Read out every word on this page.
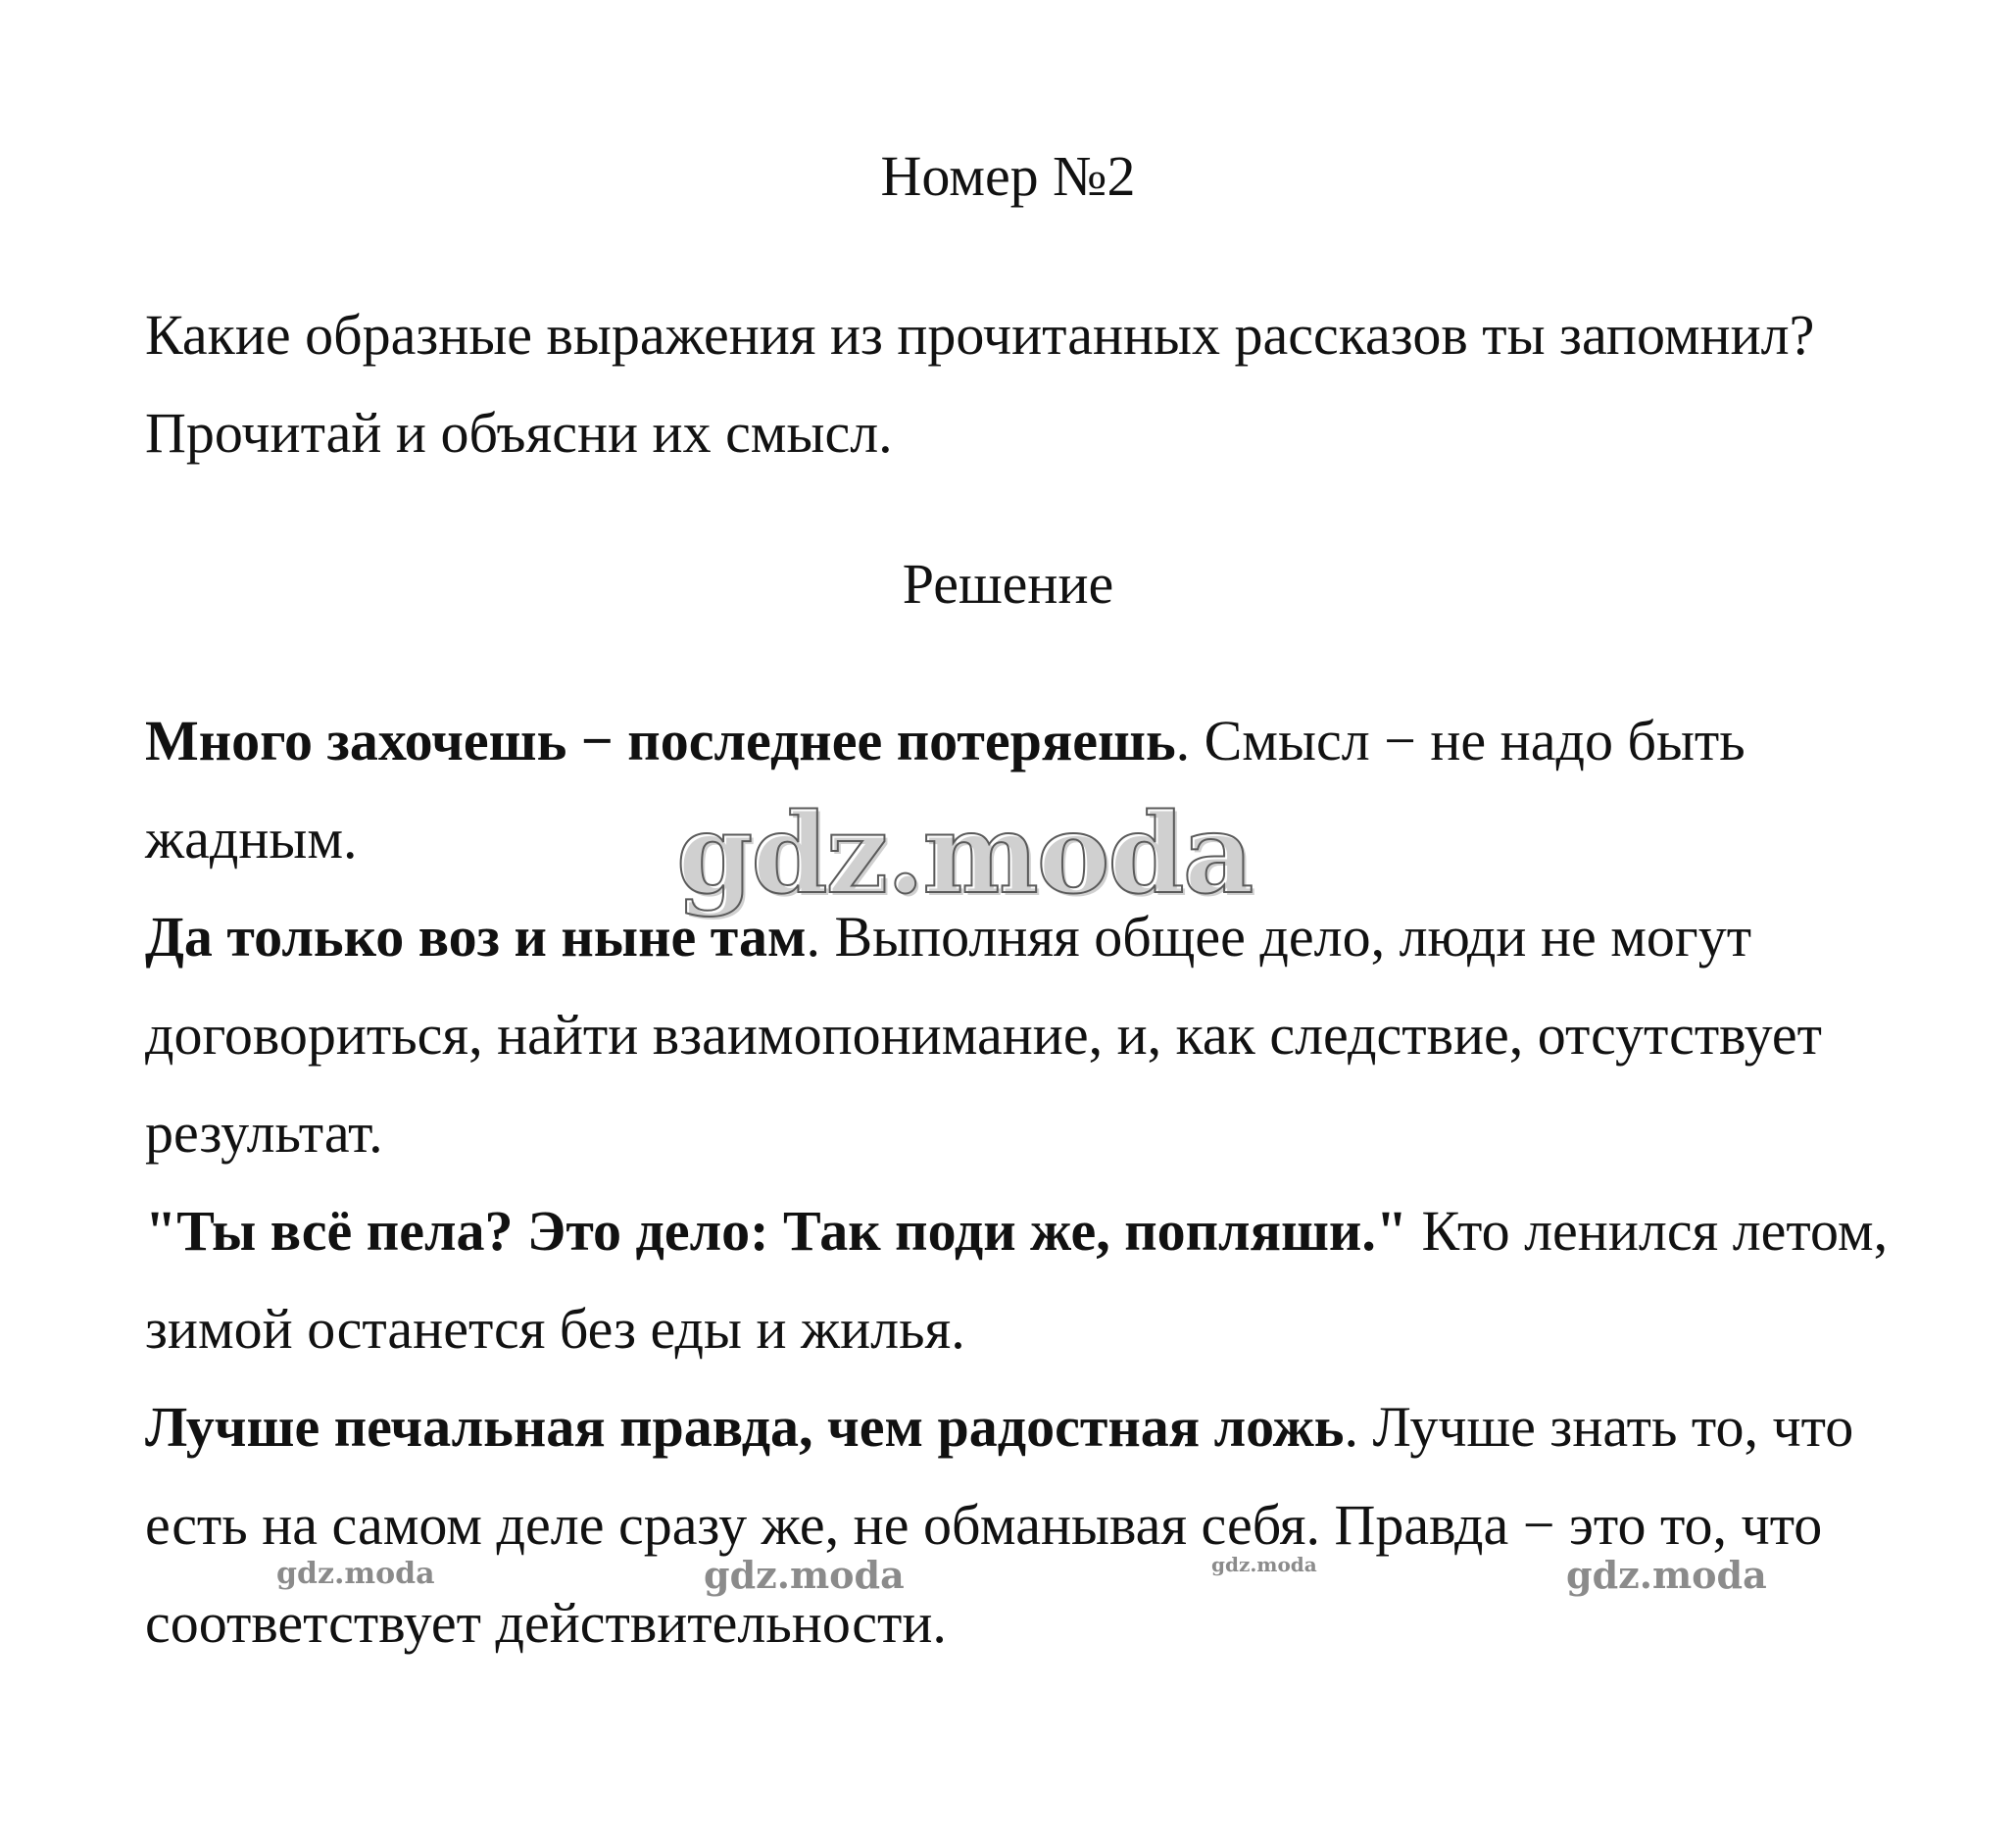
Номер №2
Какие образные выражения из прочитанных рассказов ты запомнил? Прочитай и объясни их смысл.
Решение

Много захочешь − последнее потеряешь. Смысл − не надо быть жадным.

Да только воз и ныне там. Выполняя общее дело, люди не могут договориться, найти взаимопонимание, и, как следствие, отсутствует результат.

"Ты всё пела? Это дело: Так поди же, попляши." Кто ленился летом, зимой останется без еды и жилья.

Лучше печальная правда, чем радостная ложь. Лучше знать то, что есть на самом деле сразу же, не обманывая себя. Правда − это то, что соответствует действительности.

gdz.moda
gdz.moda	gdz.moda	gdz.moda	gdz.moda
